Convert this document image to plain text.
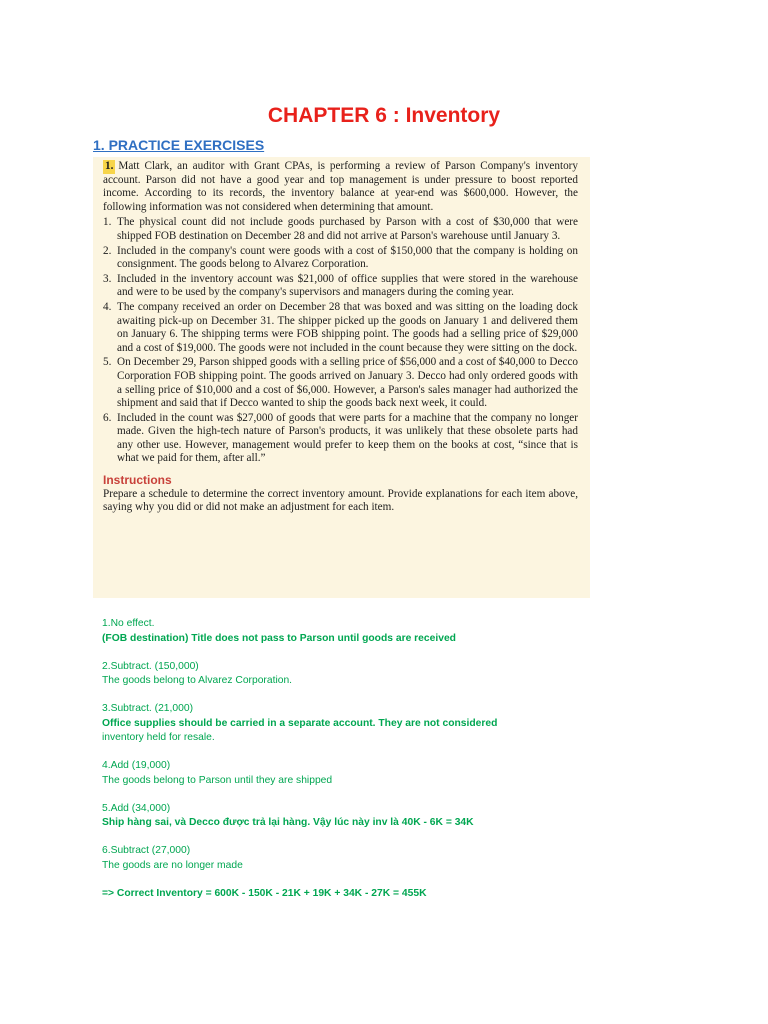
CHAPTER 6 : Inventory
1. PRACTICE EXERCISES

1. Matt Clark, an auditor with Grant CPAs, is performing a review of Parson Company's inventory account. Parson did not have a good year and top management is under pressure to boost reported income. According to its records, the inventory balance at year-end was $600,000. However, the following information was not considered when determining that amount.

1. The physical count did not include goods purchased by Parson with a cost of $30,000 that were shipped FOB destination on December 28 and did not arrive at Parson's warehouse until January 3.
2. Included in the company's count were goods with a cost of $150,000 that the company is holding on consignment. The goods belong to Alvarez Corporation.
3. Included in the inventory account was $21,000 of office supplies that were stored in the warehouse and were to be used by the company's supervisors and managers during the coming year.
4. The company received an order on December 28 that was boxed and was sitting on the loading dock awaiting pick-up on December 31. The shipper picked up the goods on January 1 and delivered them on January 6. The shipping terms were FOB shipping point. The goods had a selling price of $29,000 and a cost of $19,000. The goods were not included in the count because they were sitting on the dock.
5. On December 29, Parson shipped goods with a selling price of $56,000 and a cost of $40,000 to Decco Corporation FOB shipping point. The goods arrived on January 3. Decco had only ordered goods with a selling price of $10,000 and a cost of $6,000. However, a Parson's sales manager had authorized the shipment and said that if Decco wanted to ship the goods back next week, it could.
6. Included in the count was $27,000 of goods that were parts for a machine that the company no longer made. Given the high-tech nature of Parson's products, it was unlikely that these obsolete parts had any other use. However, management would prefer to keep them on the books at cost, “since that is what we paid for them, after all.”
Instructions

Prepare a schedule to determine the correct inventory amount. Provide explanations for each item above, saying why you did or did not make an adjustment for each item.

1.No effect.
(FOB destination) Title does not pass to Parson until goods are received
2.Subtract. (150,000)
The goods belong to Alvarez Corporation.
3.Subtract. (21,000)
Office supplies should be carried in a separate account. They are not considered
inventory held for resale.
4.Add (19,000)
The goods belong to Parson until they are shipped
5.Add (34,000)
Ship hàng sai, và Decco được trả lại hàng. Vậy lúc này inv là 40K - 6K = 34K
6.Subtract (27,000)
The goods are no longer made
=> Correct Inventory = 600K - 150K - 21K + 19K + 34K - 27K = 455K
